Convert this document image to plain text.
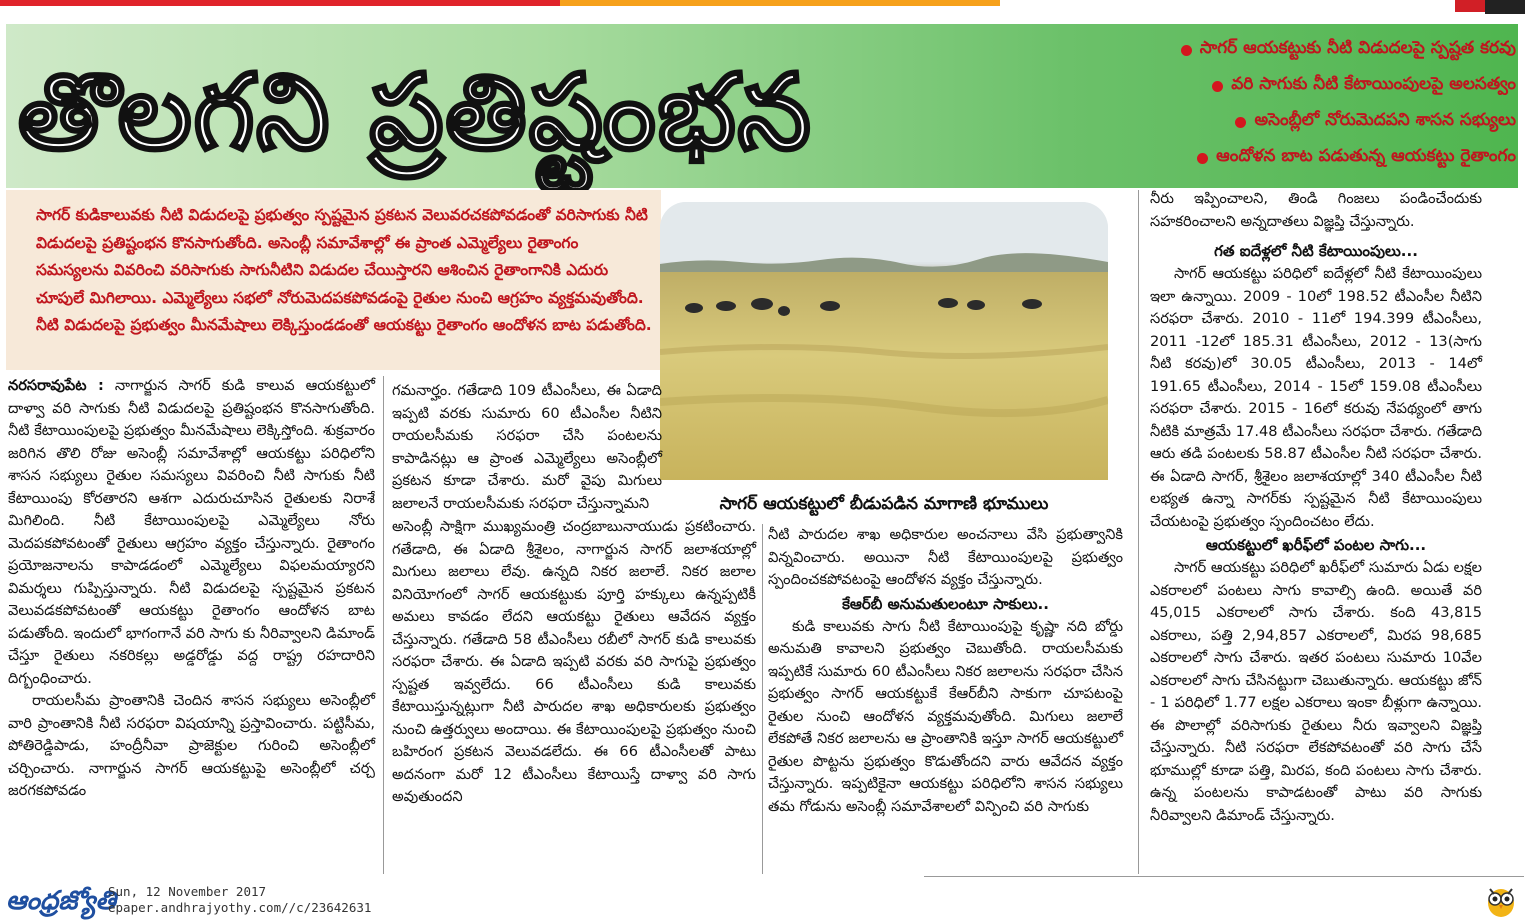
తొలగని ప్రతిష్టంభన
సాగర్ ఆయకట్టుకు నీటి విడుదలపై స్పష్టత కరవు
వరి సాగుకు నీటి కేటాయింపులపై అలసత్వం
అసెంబ్లీలో నోరుమెదపని శాసన సభ్యులు
ఆందోళన బాట పడుతున్న ఆయకట్టు రైతాంగం

సాగర్ కుడికాలువకు నీటి విడుదలపై ప్రభుత్వం స్పష్టమైన ప్రకటన వెలువరచకపోవడంతో వరిసాగుకు నీటి విడుదలపై ప్రతిష్టంభన కొనసాగుతోంది. అసెంబ్లీ సమావేశాల్లో ఈ ప్రాంత ఎమ్మెల్యేలు రైతాంగం సమస్యలను వివరించి వరిసాగుకు సాగునీటిని విడుదల చేయిస్తారని ఆశించిన రైతాంగానికి ఎదురు చూపులే మిగిలాయి. ఎమ్మెల్యేలు సభలో నోరుమెదపకపోవడంపై రైతుల నుంచి ఆగ్రహం వ్యక్తమవుతోంది. నీటి విడుదలపై ప్రభుత్వం మీనమేషాలు లెక్కిస్తుండడంతో ఆయకట్టు రైతాంగం ఆందోళన బాట పడుతోంది.

సాగర్ ఆయకట్టులో బీడుపడిన మాగాణి భూములు

నరసరావుపేట : నాగార్జున సాగర్ కుడి కాలువ ఆయకట్టులో దాళ్వా వరి సాగుకు నీటి విడుదలపై ప్రతిష్టంభన కొనసాగుతోంది. నీటి కేటాయింపులపై ప్రభుత్వం మీనమేషాలు లెక్కిస్తోంది. శుక్రవారం జరిగిన తొలి రోజు అసెంబ్లీ సమావేశాల్లో ఆయకట్టు పరిధిలోని శాసన సభ్యులు రైతుల సమస్యలు వివరించి నీటి సాగుకు నీటి కేటాయింపు కోరతారని ఆశగా ఎదురుచూసిన రైతులకు నిరాశే మిగిలింది. నీటి కేటాయింపులపై ఎమ్మెల్యేలు నోరు మెదపకపోవటంతో రైతులు ఆగ్రహం వ్యక్తం చేస్తున్నారు. రైతాంగం ప్రయోజనాలను కాపాడడంలో ఎమ్మెల్యేలు విఫలమయ్యారని విమర్శలు గుప్పిస్తున్నారు. నీటి విడుదలపై స్పష్టమైన ప్రకటన వెలువడకపోవటంతో ఆయకట్టు రైతాంగం ఆందోళన బాట పడుతోంది. ఇందులో భాగంగానే వరి సాగు కు నీరివ్వాలని డిమాండ్ చేస్తూ రైతులు నకరికల్లు అడ్డరోడ్డు వద్ద రాష్ట్ర రహదారిని దిగ్బంధించారు.

రాయలసీమ ప్రాంతానికి చెందిన శాసన సభ్యులు అసెంబ్లీలో వారి ప్రాంతానికి నీటి సరఫరా విషయాన్ని ప్రస్తావించారు. పట్టిసీమ, పోతిరెడ్డిపాడు, హంద్రీనీవా ప్రాజెక్టుల గురించి అసెంబ్లీలో చర్చించారు. నాగార్జున సాగర్ ఆయకట్టుపై అసెంబ్లీలో చర్చ జరగకపోవడం

గమనార్హం. గతేడాది 109 టీఎంసీలు, ఈ ఏడాది ఇప్పటి వరకు సుమారు 60 టీఎంసీల నీటిని రాయలసీమకు సరఫరా చేసి పంటలను కాపాడినట్లు ఆ ప్రాంత ఎమ్మెల్యేలు అసెంబ్లీలో ప్రకటన కూడా చేశారు. మరో వైపు మిగులు జలాలనే రాయలసీమకు సరఫరా చేస్తున్నామని

అసెంబ్లీ సాక్షిగా ముఖ్యమంత్రి చంద్రబాబునాయుడు ప్రకటించారు. గతేడాది, ఈ ఏడాది శ్రీశైలం, నాగార్జున సాగర్ జలాశయాల్లో మిగులు జలాలు లేవు. ఉన్నది నికర జలాలే. నికర జలాల వినియోగంలో సాగర్ ఆయకట్టుకు పూర్తి హక్కులు ఉన్నప్పటికీ అమలు కావడం లేదని ఆయకట్టు రైతులు ఆవేదన వ్యక్తం చేస్తున్నారు. గతేడాది 58 టీఎంసీలు రబీలో సాగర్ కుడి కాలువకు సరఫరా చేశారు. ఈ ఏడాది ఇప్పటి వరకు వరి సాగుపై ప్రభుత్వం స్పష్టత ఇవ్వలేదు. 66 టీఎంసీలు కుడి కాలువకు కేటాయిస్తున్నట్లుగా నీటి పారుదల శాఖ అధికారులకు ప్రభుత్వం నుంచి ఉత్తర్వులు అందాయి. ఈ కేటాయింపులపై ప్రభుత్వం నుంచి బహిరంగ ప్రకటన వెలువడలేదు. ఈ 66 టీఎంసీలతో పాటు అదనంగా మరో 12 టీఎంసీలు కేటాయిస్తే దాళ్వా వరి సాగు అవుతుందని

నీటి పారుదల శాఖ అధికారుల అంచనాలు వేసి ప్రభుత్వానికి విన్నవించారు. అయినా నీటి కేటాయింపులపై ప్రభుత్వం స్పందించకపోవటంపై ఆందోళన వ్యక్తం చేస్తున్నారు.

కేఆర్‌బీ అనుమతులంటూ సాకులు..

కుడి కాలువకు సాగు నీటి కేటాయింపుపై కృష్ణా నది బోర్డు అనుమతి కావాలని ప్రభుత్వం చెబుతోంది. రాయలసీమకు ఇప్పటికే సుమారు 60 టీఎంసీలు నికర జలాలను సరఫరా చేసిన ప్రభుత్వం సాగర్ ఆయకట్టుకే కేఆర్‌బీని సాకుగా చూపటంపై రైతుల నుంచి ఆందోళన వ్యక్తమవుతోంది. మిగులు జలాలే లేకపోతే నికర జలాలను ఆ ప్రాంతానికి ఇస్తూ సాగర్ ఆయకట్టులో రైతుల పొట్టను ప్రభుత్వం కొడుతోందని వారు ఆవేదన వ్యక్తం చేస్తున్నారు. ఇప్పటికైనా ఆయకట్టు పరిధిలోని శాసన సభ్యులు తమ గోడును అసెంబ్లీ సమావేశాలలో విన్పించి వరి సాగుకు

నీరు ఇప్పించాలని, తిండి గింజలు పండించేందుకు సహకరించాలని అన్నదాతలు విజ్ఞప్తి చేస్తున్నారు.

గత ఐదేళ్లలో నీటి కేటాయింపులు...

సాగర్ ఆయకట్టు పరిధిలో ఐదేళ్లలో నీటి కేటాయింపులు ఇలా ఉన్నాయి. 2009 - 10లో 198.52 టీఎంసీల నీటిని సరఫరా చేశారు. 2010 - 11లో 194.399 టీఎంసీలు, 2011 -12లో 185.31 టీఎంసీలు, 2012 - 13(సాగు నీటి కరవు)లో 30.05 టీఎంసీలు, 2013 - 14లో 191.65 టీఎంసీలు, 2014 - 15లో 159.08 టీఎంసీలు సరఫరా చేశారు. 2015 - 16లో కరువు నేపథ్యంలో తాగు నీటికి మాత్రమే 17.48 టీఎంసీలు సరఫరా చేశారు. గతేడాది ఆరు తడి పంటలకు 58.87 టీఎంసీల నీటి సరఫరా చేశారు. ఈ ఏడాది సాగర్, శ్రీశైలం జలాశయాల్లో 340 టీఎంసీల నీటి లభ్యత ఉన్నా సాగర్‌కు స్పష్టమైన నీటి కేటాయింపులు చేయటంపై ప్రభుత్వం స్పందించటం లేదు.

ఆయకట్టులో ఖరీఫ్‌లో పంటల సాగు...

సాగర్ ఆయకట్టు పరిధిలో ఖరీఫ్‌లో సుమారు ఏడు లక్షల ఎకరాలలో పంటలు సాగు కావాల్సి ఉంది. అయితే వరి 45,015 ఎకరాలలో సాగు చేశారు. కంది 43,815 ఎకరాలు, పత్తి 2,94,857 ఎకరాలలో, మిరప 98,685 ఎకరాలలో సాగు చేశారు. ఇతర పంటలు సుమారు 10వేల ఎకరాలలో సాగు చేసినట్టుగా చెబుతున్నారు. ఆయకట్టు జోన్ - 1 పరిధిలో 1.77 లక్షల ఎకరాలు ఇంకా బీళ్లుగా ఉన్నాయి. ఈ పొలాల్లో వరిసాగుకు రైతులు నీరు ఇవ్వాలని విజ్ఞప్తి చేస్తున్నారు. నీటి సరఫరా లేకపోవటంతో వరి సాగు చేసే భూముల్లో కూడా పత్తి, మిరప, కంది పంటలు సాగు చేశారు. ఉన్న పంటలను కాపాడటంతో పాటు వరి సాగుకు నీరివ్వాలని డిమాండ్ చేస్తున్నారు.

ఆంధ్రజ్యోతి
Sun, 12 November 2017
epaper.andhrajyothy.com//c/23642631
